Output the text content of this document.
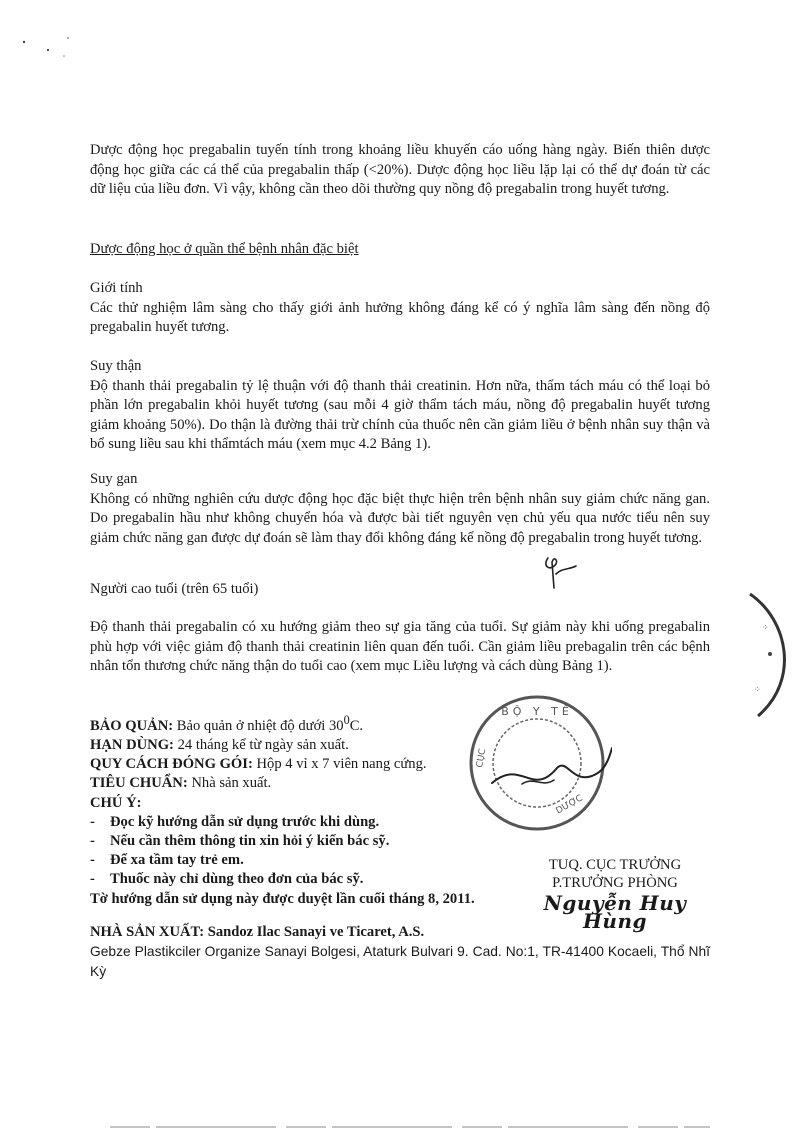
Dược động học pregabalin tuyến tính trong khoảng liều khuyến cáo uống hàng ngày. Biến thiên dược động học giữa các cá thể của pregabalin thấp (<20%). Dược động học liều lặp lại có thể dự đoán từ các dữ liệu của liều đơn. Vì vậy, không cần theo dõi thường quy nồng độ pregabalin trong huyết tương.

Dược động học ở quần thể bệnh nhân đặc biệt

Giới tính

Các thử nghiệm lâm sàng cho thấy giới ảnh hưởng không đáng kể có ý nghĩa lâm sàng đến nồng độ pregabalin huyết tương.

Suy thận

Độ thanh thải pregabalin tỷ lệ thuận với độ thanh thải creatinin. Hơn nữa, thẩm tách máu có thể loại bỏ phần lớn pregabalin khỏi huyết tương (sau mỗi 4 giờ thẩm tách máu, nồng độ pregabalin huyết tương giảm khoảng 50%). Do thận là đường thải trừ chính của thuốc nên cần giảm liều ở bệnh nhân suy thận và bổ sung liều sau khi thẩmtách máu (xem mục 4.2 Bảng 1).

Suy gan

Không có những nghiên cứu dược động học đặc biệt thực hiện trên bệnh nhân suy giảm chức năng gan. Do pregabalin hầu như không chuyển hóa và được bài tiết nguyên vẹn chủ yếu qua nước tiểu nên suy giảm chức năng gan được dự đoán sẽ làm thay đổi không đáng kể nồng độ pregabalin trong huyết tương.

Người cao tuổi (trên 65 tuổi)

Độ thanh thải pregabalin có xu hướng giảm theo sự gia tăng của tuổi. Sự giảm này khi uống pregabalin phù hợp với việc giảm độ thanh thải creatinin liên quan đến tuổi. Cần giảm liều prebagalin trên các bệnh nhân tổn thương chức năng thận do tuổi cao (xem mục Liều lượng và cách dùng Bảng 1).

⁘
⁘
BỘ Y TẾ
CỤC
DƯỢC
BẢO QUẢN: Bảo quản ở nhiệt độ dưới $30^0C$.
HẠN DÙNG: 24 tháng kể từ ngày sản xuất.
QUY CÁCH ĐÓNG GÓI: Hộp 4 vỉ x 7 viên nang cứng.
TIÊU CHUẨN: Nhà sản xuất.
CHÚ Ý:
- Đọc kỹ hướng dẫn sử dụng trước khi dùng.
- Nếu cần thêm thông tin xin hỏi ý kiến bác sỹ.
- Để xa tầm tay trẻ em.
- Thuốc này chỉ dùng theo đơn của bác sỹ.
Tờ hướng dẫn sử dụng này được duyệt lần cuối tháng 8, 2011.
TUQ. CỤC TRƯỞNG
P.TRƯỞNG PHÒNG
Nguyễn Huy Hùng
NHÀ SẢN XUẤT: Sandoz Ilac Sanayi ve Ticaret, A.S.
Gebze Plastikciler Organize Sanayi Bolgesi, Ataturk Bulvari 9. Cad. No:1, TR-41400 Kocaeli, Thổ Nhĩ Kỳ
